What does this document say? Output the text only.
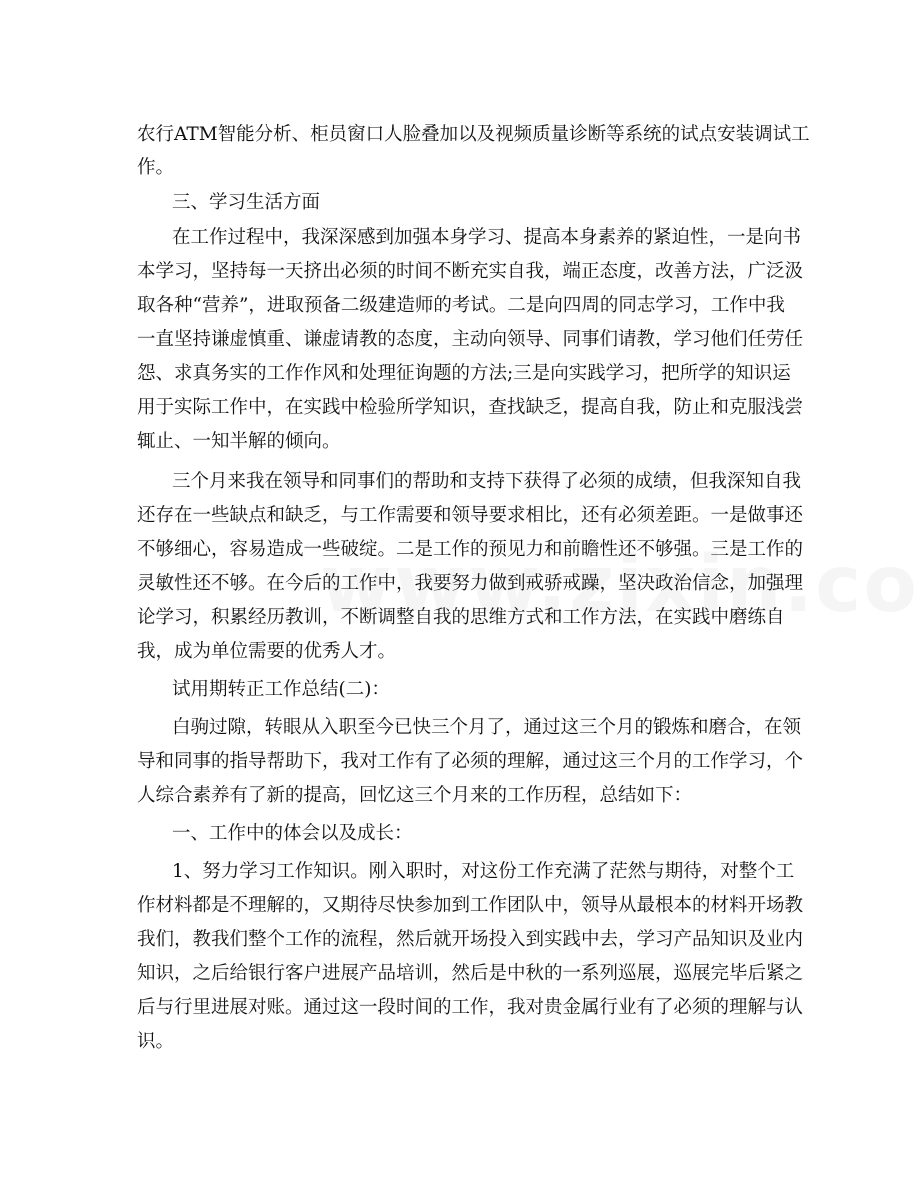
农行ATM智能分析、柜员窗口人脸叠加以及视频质量诊断等系统的试点安装调试工
作。
三、学习生活方面
在工作过程中，我深深感到加强本身学习、提高本身素养的紧迫性，一是向书
本学习，坚持每一天挤出必须的时间不断充实自我，端正态度，改善方法，广泛汲
取各种“营养”，进取预备二级建造师的考试。二是向四周的同志学习，工作中我
一直坚持谦虚慎重、谦虚请教的态度，主动向领导、同事们请教，学习他们任劳任
怨、求真务实的工作作风和处理征询题的方法;三是向实践学习，把所学的知识运
用于实际工作中，在实践中检验所学知识，查找缺乏，提高自我，防止和克服浅尝
辄止、一知半解的倾向。
三个月来我在领导和同事们的帮助和支持下获得了必须的成绩，但我深知自我
还存在一些缺点和缺乏，与工作需要和领导要求相比，还有必须差距。一是做事还
不够细心，容易造成一些破绽。二是工作的预见力和前瞻性还不够强。三是工作的
灵敏性还不够。在今后的工作中，我要努力做到戒骄戒躁，坚决政治信念，加强理
论学习，积累经历教训，不断调整自我的思维方式和工作方法，在实践中磨练自
我，成为单位需要的优秀人才。
试用期转正工作总结(二)：
白驹过隙，转眼从入职至今已快三个月了，通过这三个月的锻炼和磨合，在领
导和同事的指导帮助下，我对工作有了必须的理解，通过这三个月的工作学习，个
人综合素养有了新的提高，回忆这三个月来的工作历程，总结如下：
一、工作中的体会以及成长：
1、努力学习工作知识。刚入职时，对这份工作充满了茫然与期待，对整个工
作材料都是不理解的，又期待尽快参加到工作团队中，领导从最根本的材料开场教
我们，教我们整个工作的流程，然后就开场投入到实践中去，学习产品知识及业内
知识，之后给银行客户进展产品培训，然后是中秋的一系列巡展，巡展完毕后紧之
后与行里进展对账。通过这一段时间的工作，我对贵金属行业有了必须的理解与认
识。
